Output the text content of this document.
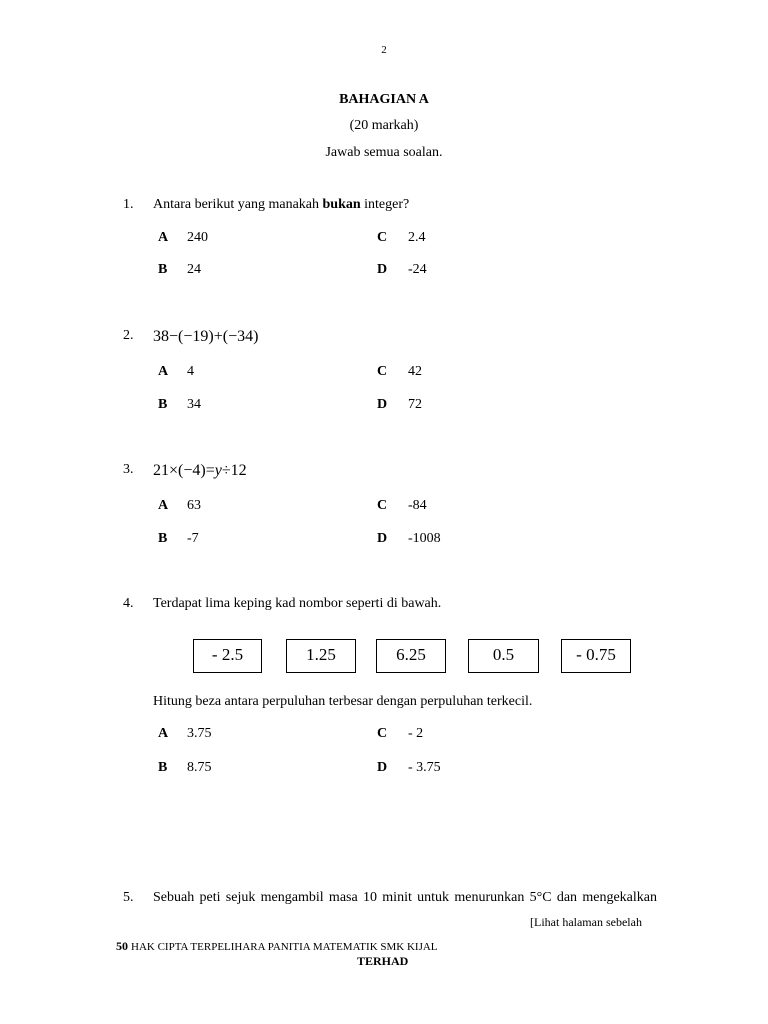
2
BAHAGIAN A
(20 markah)
Jawab semua soalan.
1. Antara berikut yang manakah bukan integer?
A 240
B 24
C 2.4
D -24
2. 38−(−19)+(−34)
A 4
B 34
C 42
D 72
3. 21×(−4)=y÷12
A 63
B -7
C -84
D -1008
4. Terdapat lima keping kad nombor seperti di bawah.
- 2.5	1.25	6.25	0.5	- 0.75
Hitung beza antara perpuluhan terbesar dengan perpuluhan terkecil.
A 3.75
B 8.75
C - 2
D - 3.75
5. Sebuah peti sejuk mengambil masa 10 minit untuk menurunkan 5°C dan mengekalkan
[Lihat halaman sebelah
50 HAK CIPTA TERPELIHARA PANITIA MATEMATIK SMK KIJAL
TERHAD
